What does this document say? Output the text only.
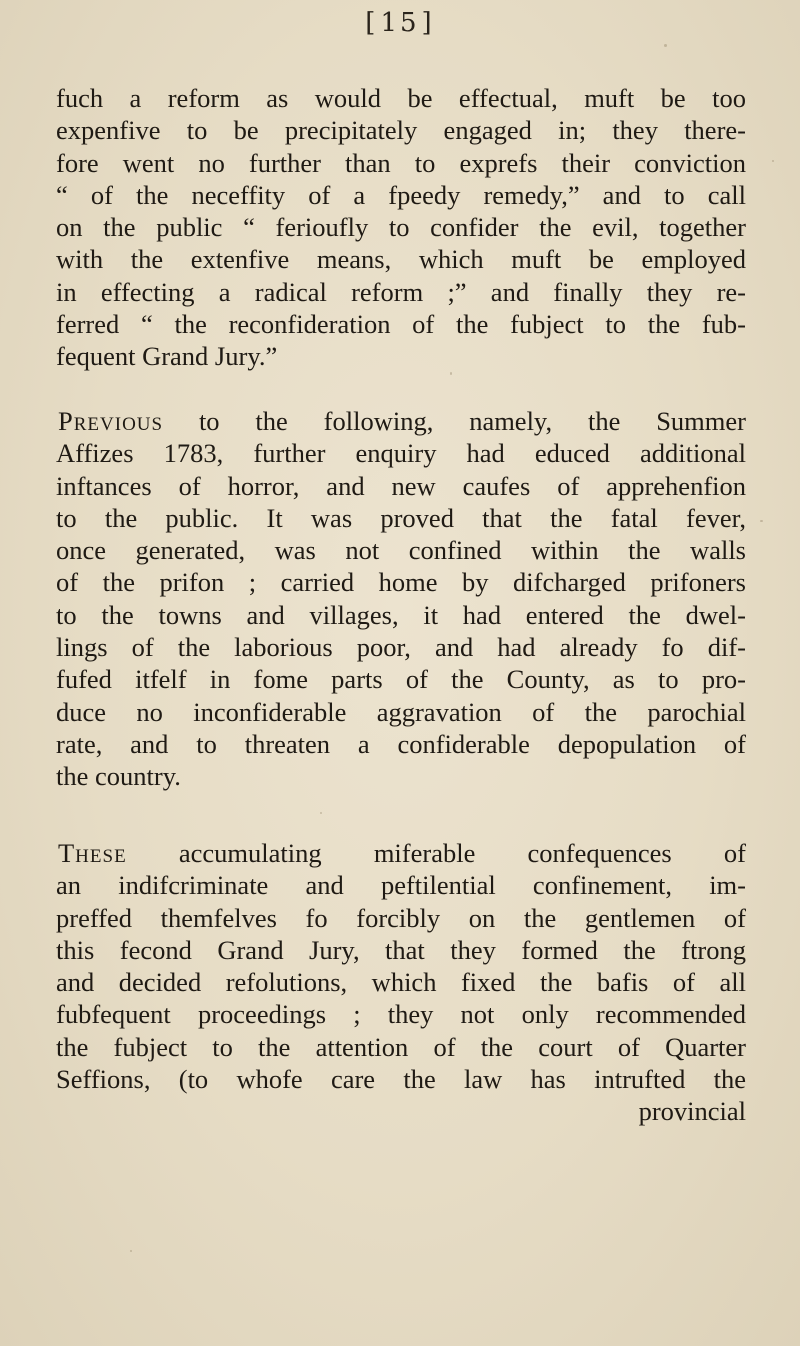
[15]
fuch a reform as would be effectual, muft be too
expenfive to be precipitately engaged in; they there-
fore went no further than to exprefs their conviction
“ of the neceffity of a fpeedy remedy,” and to call
on the public “ ferioufly to confider the evil, together
with the extenfive means, which muft be employed
in effecting a radical reform ;” and finally they re-
ferred “ the reconfideration of the fubject to the fub-
fequent Grand Jury.”
Previous to the following, namely, the Summer
Affizes 1783, further enquiry had educed additional
inftances of horror, and new caufes of apprehenfion
to the public. It was proved that the fatal fever,
once generated, was not confined within the walls
of the prifon ; carried home by difcharged prifoners
to the towns and villages, it had entered the dwel-
lings of the laborious poor, and had already fo dif-
fufed itfelf in fome parts of the County, as to pro-
duce no inconfiderable aggravation of the parochial
rate, and to threaten a confiderable depopulation of
the country.
These accumulating miferable confequences of
an indifcriminate and peftilential confinement, im-
preffed themfelves fo forcibly on the gentlemen of
this fecond Grand Jury, that they formed the ftrong
and decided refolutions, which fixed the bafis of all
fubfequent proceedings ; they not only recommended
the fubject to the attention of the court of Quarter
Seffions, (to whofe care the law has intrufted the
provincial
